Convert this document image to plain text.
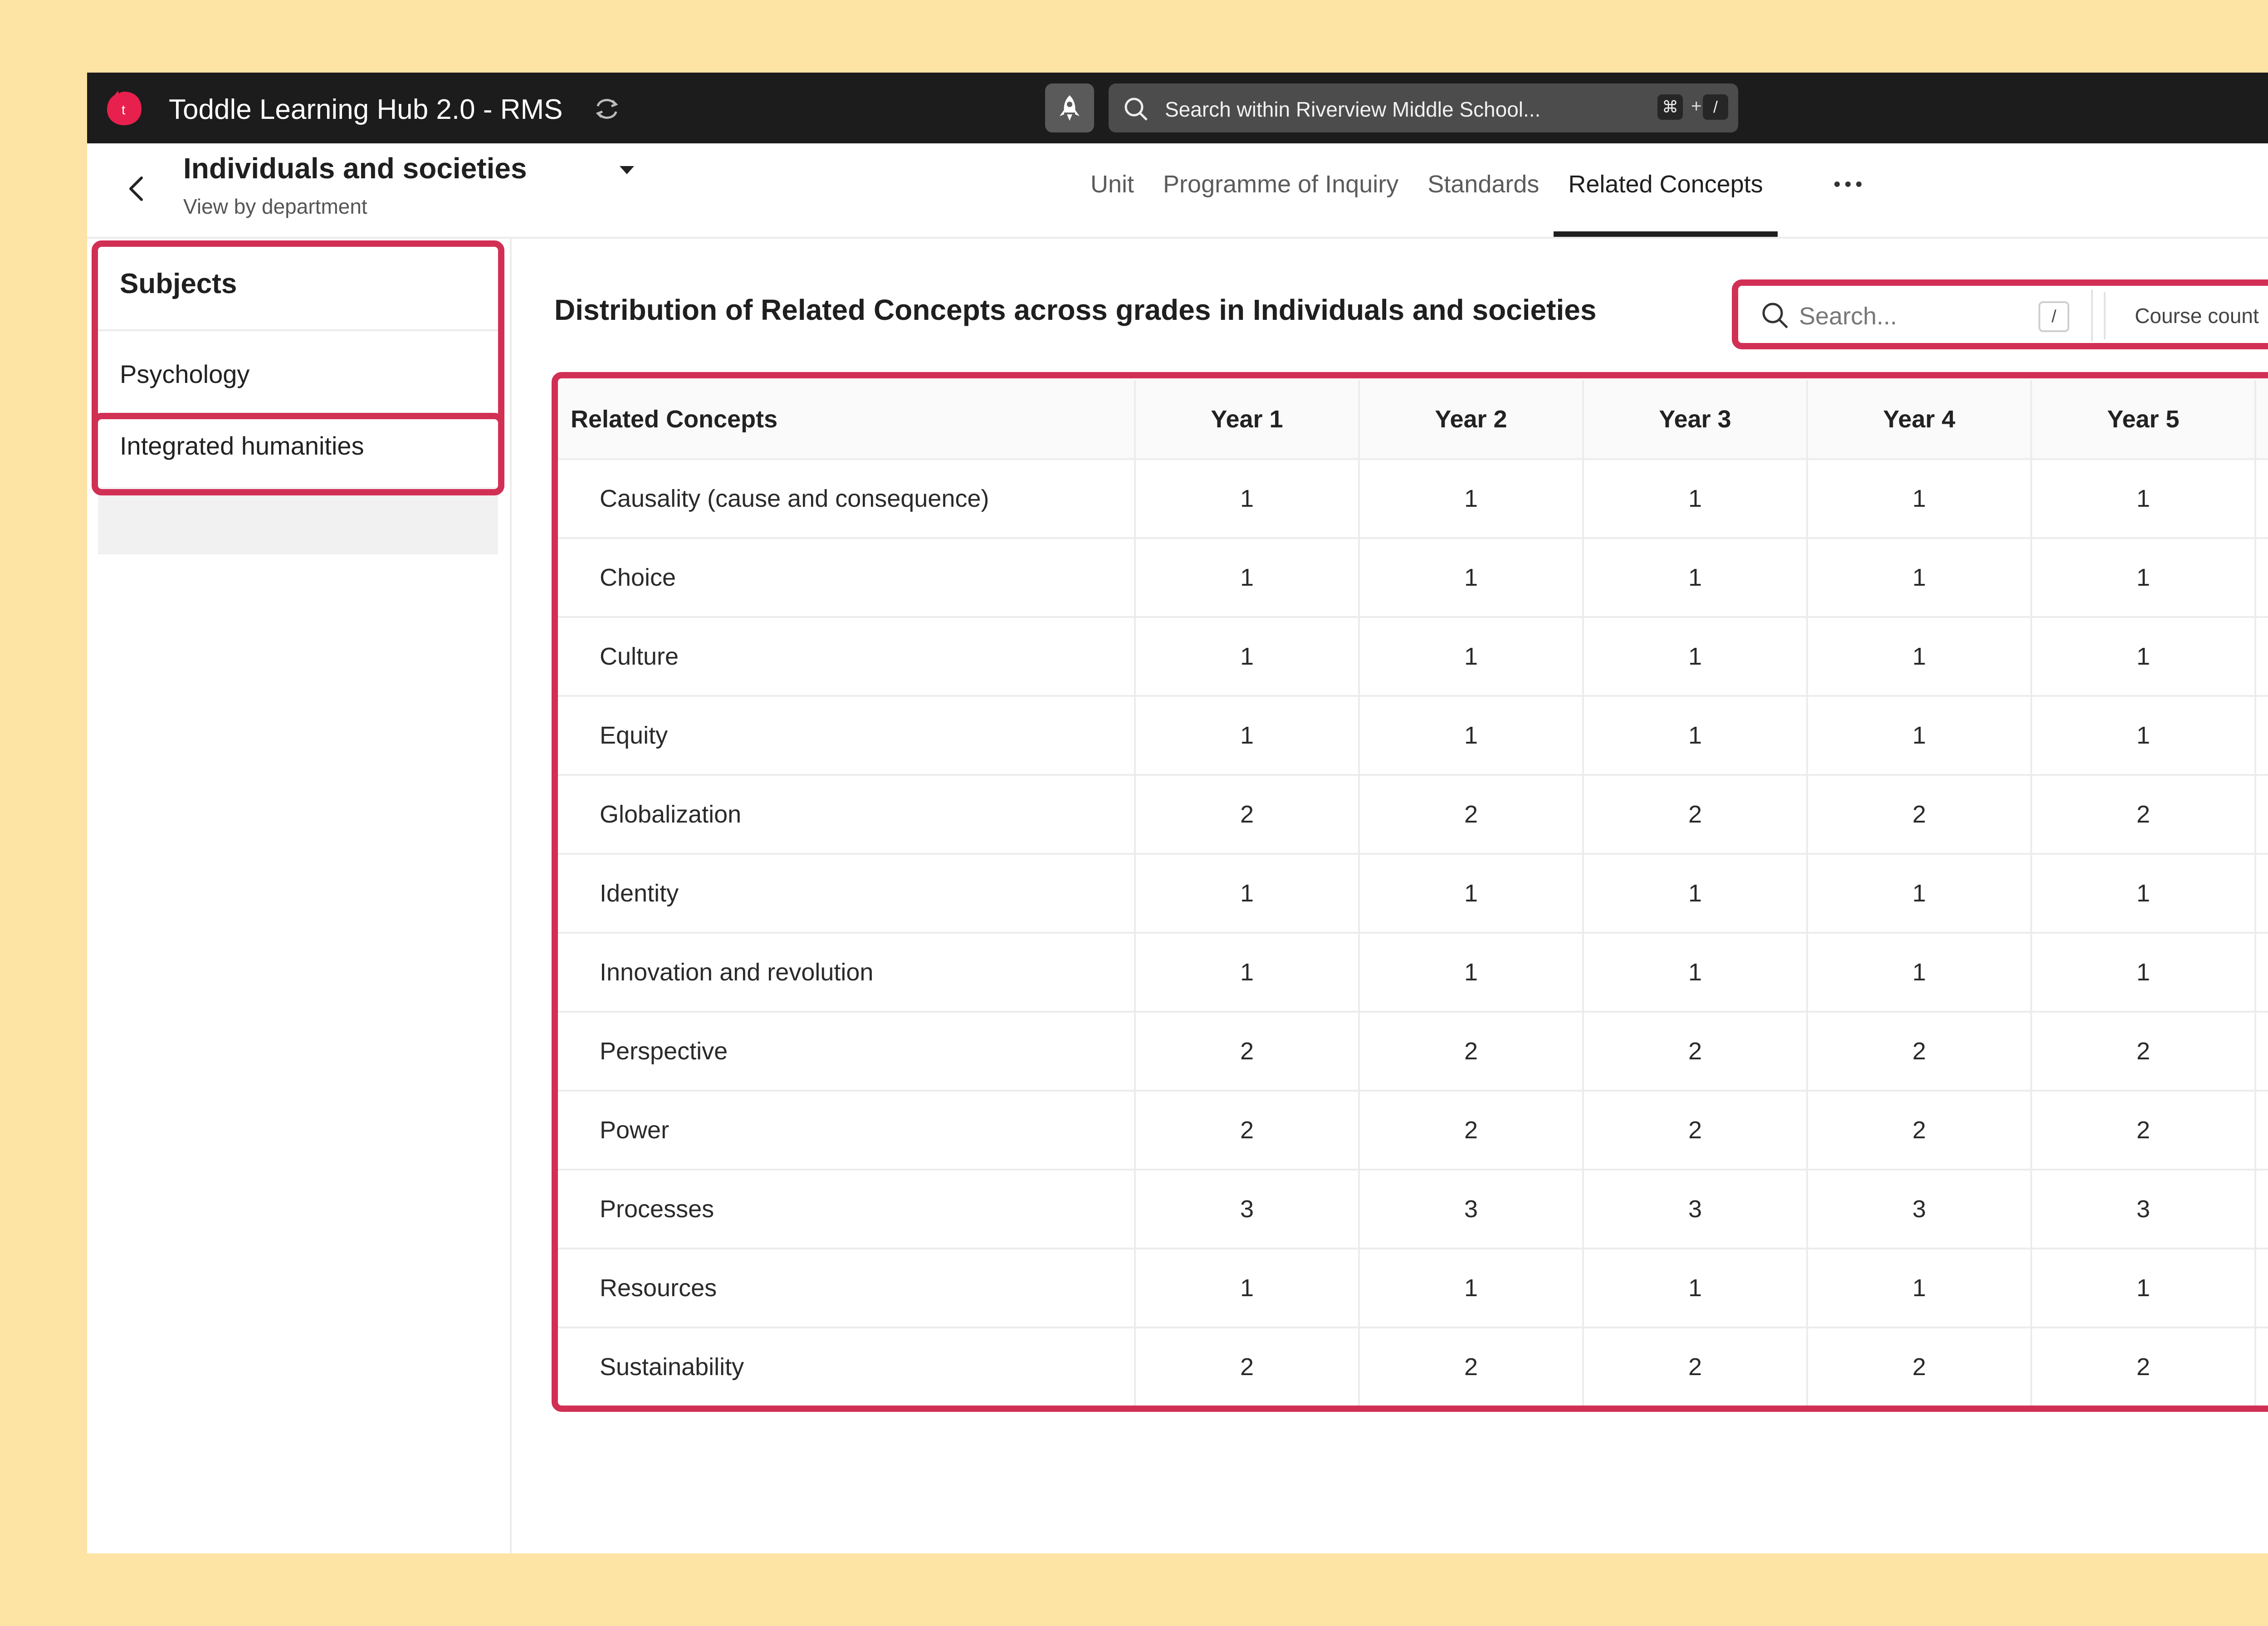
t Toddle Learning Hub 2.0 - RMS	Search within Riverview Middle School...	⌘ + /
Individuals and societies
View by department
Unit	Programme of Inquiry	Standards	Related Concepts
Subjects
Psychology
Integrated humanities
Distribution of Related Concepts across grades in Individuals and societies	Search...	/	Course count
Related Concepts	Year 1	Year 2	Year 3	Year 4	Year 5	

Causality (cause and consequence)	1	1	1	1	1	
Choice	1	1	1	1	1	
Culture	1	1	1	1	1	
Equity	1	1	1	1	1	
Globalization	2	2	2	2	2	
Identity	1	1	1	1	1	
Innovation and revolution	1	1	1	1	1	
Perspective	2	2	2	2	2	
Power	2	2	2	2	2	
Processes	3	3	3	3	3	
Resources	1	1	1	1	1	
Sustainability	2	2	2	2	2	
